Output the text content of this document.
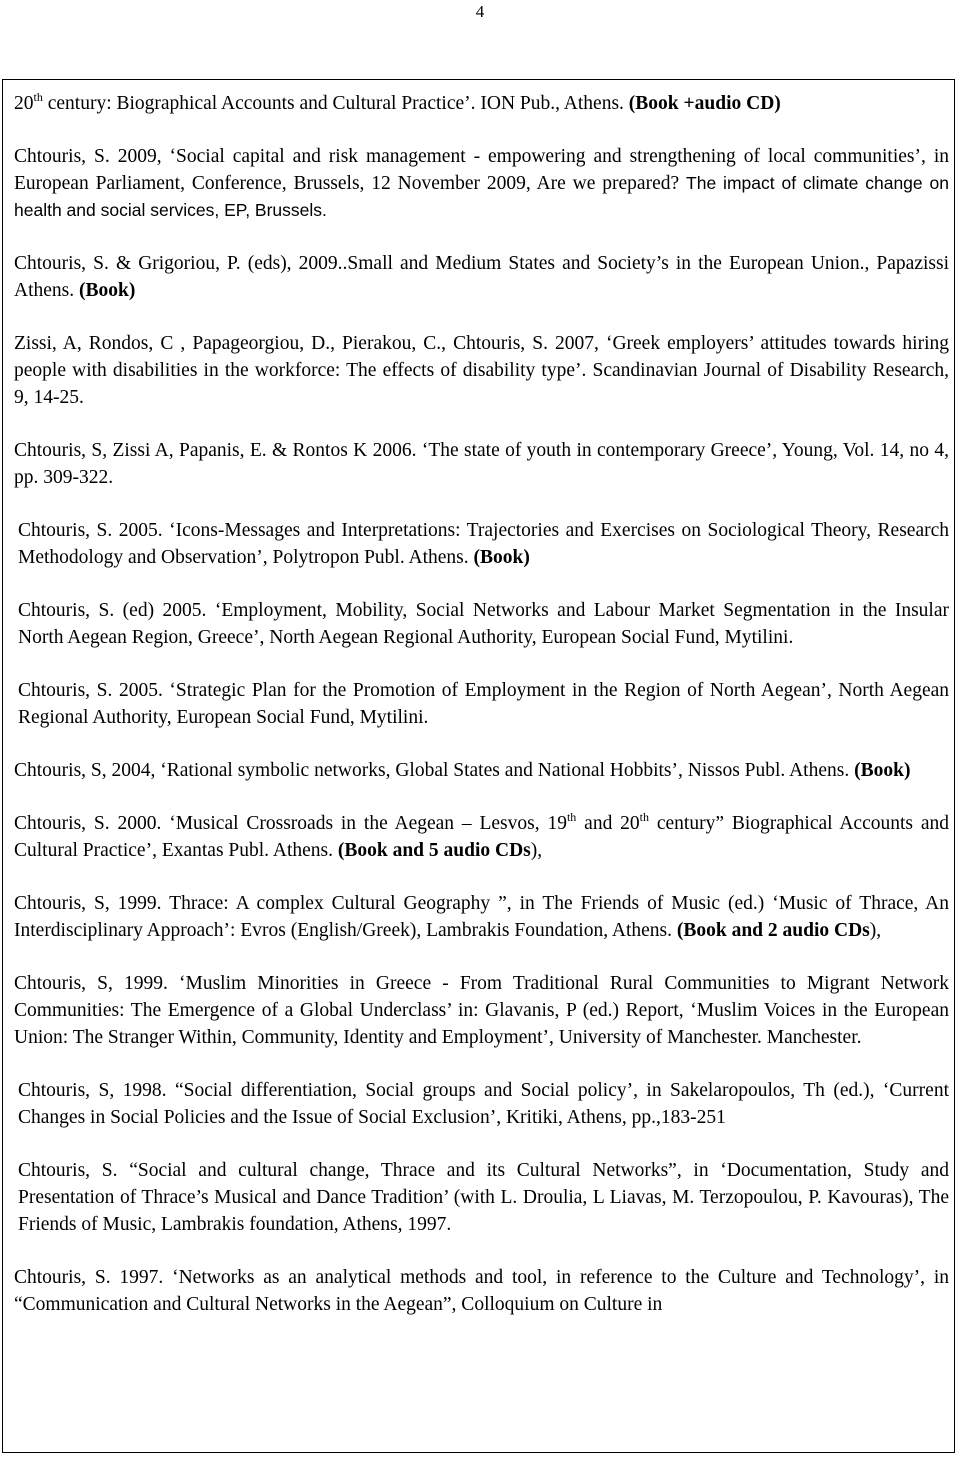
4

20th century: Biographical Accounts and Cultural Practice’. ION Pub., Athens. (Book +audio CD)

Chtouris, S. 2009, ‘Social capital and risk management - empowering and strengthening of local communities’, in European Parliament, Conference, Brussels, 12 November 2009, Are we prepared? The impact of climate change on health and social services, EP, Brussels.

Chtouris, S. & Grigoriou, P. (eds), 2009..Small and Medium States and Society’s in the European Union., Papazissi Athens. (Book)

Zissi, A, Rondos, C , Papageorgiou, D., Pierakou, C., Chtouris, S. 2007, ‘Greek employers’ attitudes towards hiring people with disabilities in the workforce: The effects of disability type’. Scandinavian Journal of Disability Research, 9, 14-25.

Chtouris, S, Zissi A, Papanis, E. & Rontos K 2006. ‘The state of youth in contemporary Greece’, Young, Vol. 14, no 4, pp. 309-322.

Chtouris, S. 2005. ‘Icons-Messages and Interpretations: Trajectories and Exercises on Sociological Theory, Research Methodology and Observation’, Polytropon Publ. Athens. (Book)

Chtouris, S. (ed) 2005. ‘Employment, Mobility, Social Networks and Labour Market Segmentation in the Insular North Aegean Region, Greece’, North Aegean Regional Authority, European Social Fund, Mytilini.

Chtouris, S. 2005. ‘Strategic Plan for the Promotion of Employment in the Region of North Aegean’, North Aegean Regional Authority, European Social Fund, Mytilini.

Chtouris, S, 2004, ‘Rational symbolic networks, Global States and National Hobbits’, Nissos Publ. Athens. (Book)

Chtouris, S. 2000. ‘Musical Crossroads in the Aegean – Lesvos, 19th and 20th century” Biographical Accounts and Cultural Practice’, Exantas Publ. Athens. (Book and 5 audio CDs),

Chtouris, S, 1999. Thrace: A complex Cultural Geography ”, in The Friends of Music (ed.) ‘Music of Thrace, An Interdisciplinary Approach’: Evros (English/Greek), Lambrakis Foundation, Athens. (Book and 2 audio CDs),

Chtouris, S, 1999. ‘Muslim Minorities in Greece - From Traditional Rural Communities to Migrant Network Communities: The Emergence of a Global Underclass’ in: Glavanis, P (ed.) Report, ‘Muslim Voices in the European Union: The Stranger Within, Community, Identity and Employment’, University of Manchester. Manchester.

Chtouris, S, 1998. “Social differentiation, Social groups and Social policy’, in Sakelaropoulos, Th (ed.), ‘Current Changes in Social Policies and the Issue of Social Exclusion’, Kritiki, Athens, pp.,183-251

Chtouris, S. “Social and cultural change, Thrace and its Cultural Networks”, in ‘Documentation, Study and Presentation of Thrace’s Musical and Dance Tradition’ (with L. Droulia, L Liavas, M. Terzopoulou, P. Kavouras), The Friends of Music, Lambrakis foundation, Athens, 1997.

Chtouris, S. 1997. ‘Networks as an analytical methods and tool, in reference to the Culture and Technology’, in “Communication and Cultural Networks in the Aegean”, Colloquium on Culture in
